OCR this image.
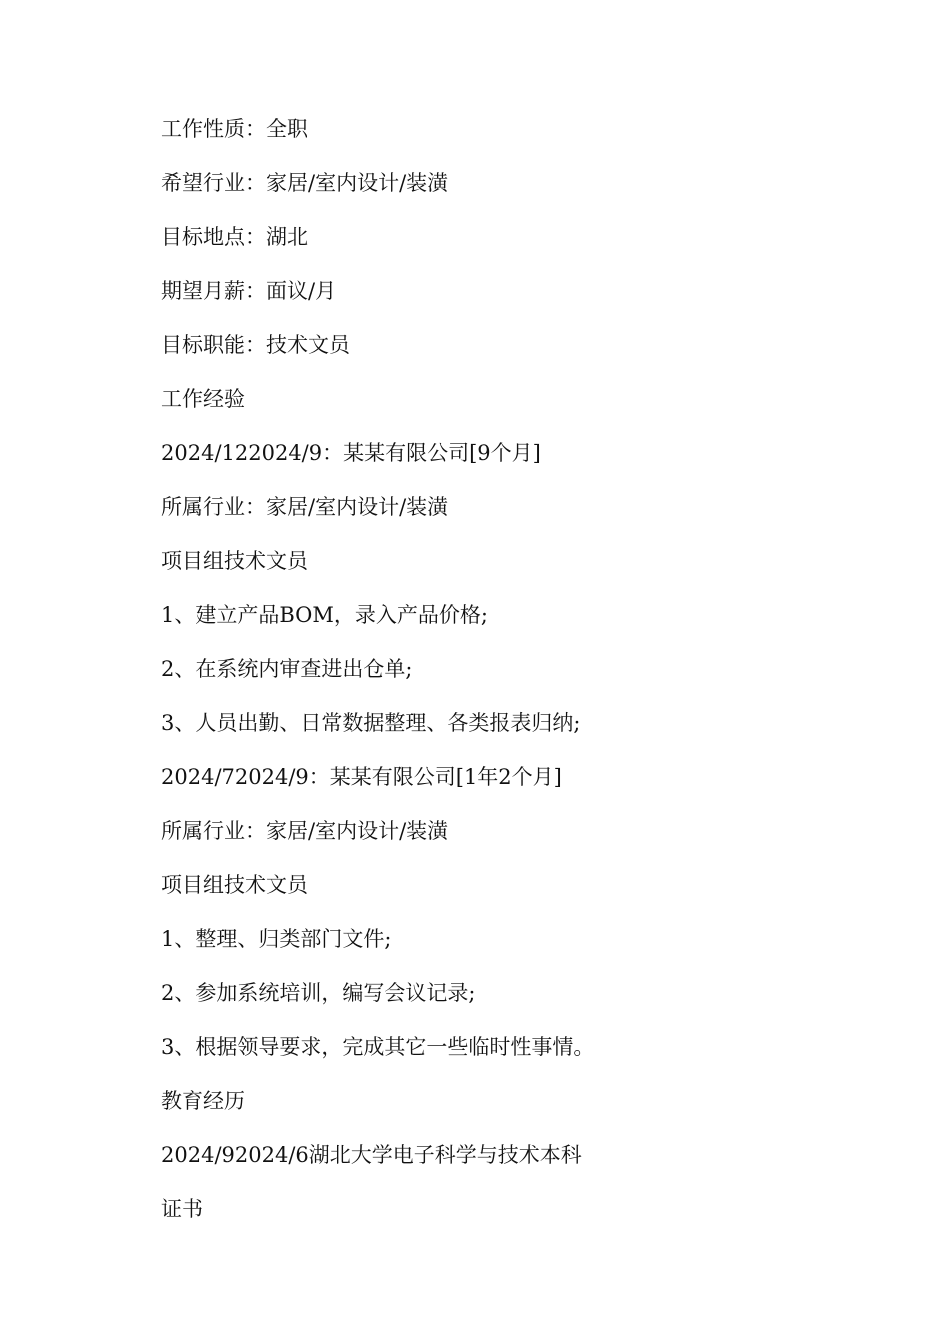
工作性质：全职

希望行业：家居/室内设计/装潢

目标地点：湖北

期望月薪：面议/月

目标职能：技术文员

工作经验

2024/122024/9：某某有限公司[9个月]

所属行业：家居/室内设计/装潢

项目组技术文员

1、建立产品BOM，录入产品价格;

2、在系统内审查进出仓单;

3、人员出勤、日常数据整理、各类报表归纳;

2024/72024/9：某某有限公司[1年2个月]

所属行业：家居/室内设计/装潢

项目组技术文员

1、整理、归类部门文件;

2、参加系统培训，编写会议记录;

3、根据领导要求，完成其它一些临时性事情。

教育经历

2024/92024/6湖北大学电子科学与技术本科

证书
